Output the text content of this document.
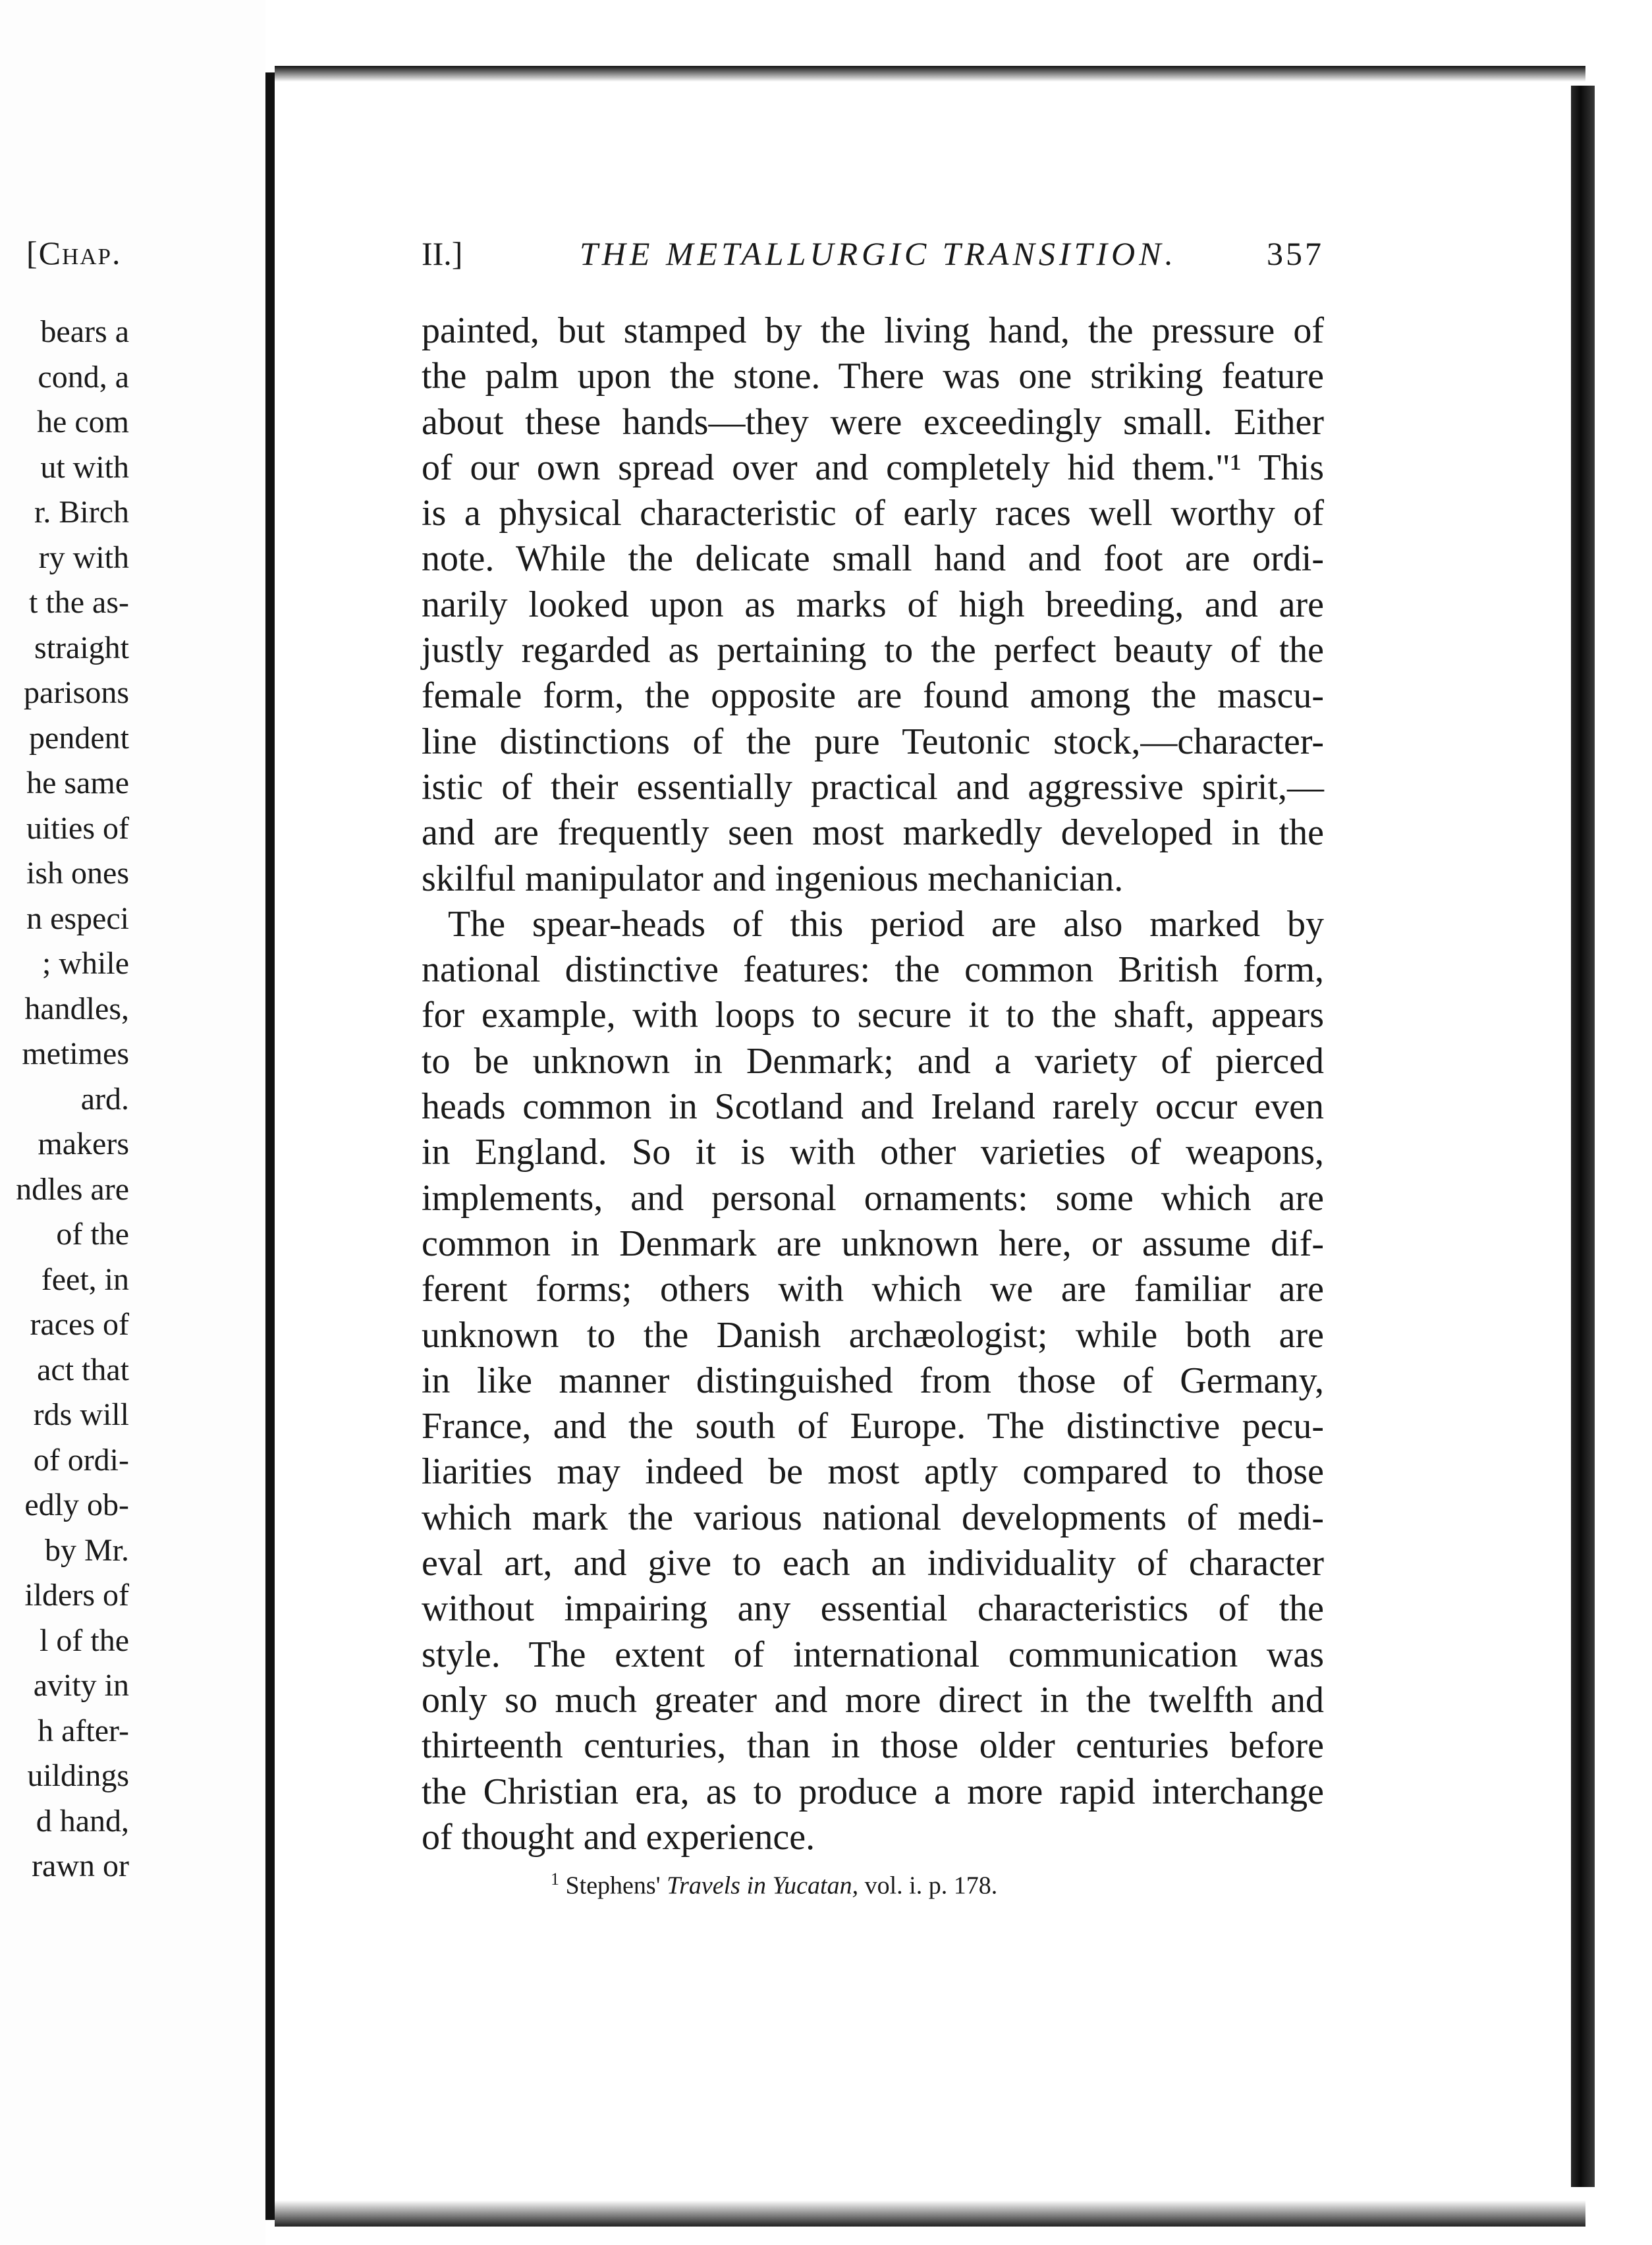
[Chap.
bears a
cond, a
he com
ut with
r. Birch
ry with
t the as-
straight
parisons
pendent
he same
uities of
ish ones
n especi
; while
handles,
metimes
ard.
makers
ndles are
of the
feet, in
races of
act that
rds will
of ordi-
edly ob-
by Mr.
ilders of
l of the
avity in
h after-
uildings
d hand,
rawn or
II.]	THE METALLURGIC TRANSITION.	357
painted, but stamped by the living hand, the pressure of
the palm upon the stone. There was one striking feature
about these hands—they were exceedingly small. Either
of our own spread over and completely hid them."¹ This
is a physical characteristic of early races well worthy of
note. While the delicate small hand and foot are ordi-
narily looked upon as marks of high breeding, and are
justly regarded as pertaining to the perfect beauty of the
female form, the opposite are found among the mascu-
line distinctions of the pure Teutonic stock,—character-
istic of their essentially practical and aggressive spirit,—
and are frequently seen most markedly developed in the
skilful manipulator and ingenious mechanician.
The spear-heads of this period are also marked by
national distinctive features: the common British form,
for example, with loops to secure it to the shaft, appears
to be unknown in Denmark; and a variety of pierced
heads common in Scotland and Ireland rarely occur even
in England. So it is with other varieties of weapons,
implements, and personal ornaments: some which are
common in Denmark are unknown here, or assume dif-
ferent forms; others with which we are familiar are
unknown to the Danish archæologist; while both are
in like manner distinguished from those of Germany,
France, and the south of Europe. The distinctive pecu-
liarities may indeed be most aptly compared to those
which mark the various national developments of medi-
eval art, and give to each an individuality of character
without impairing any essential characteristics of the
style. The extent of international communication was
only so much greater and more direct in the twelfth and
thirteenth centuries, than in those older centuries before
the Christian era, as to produce a more rapid interchange
of thought and experience.
$^1$ Stephens' Travels in Yucatan, vol. i. p. 178.
